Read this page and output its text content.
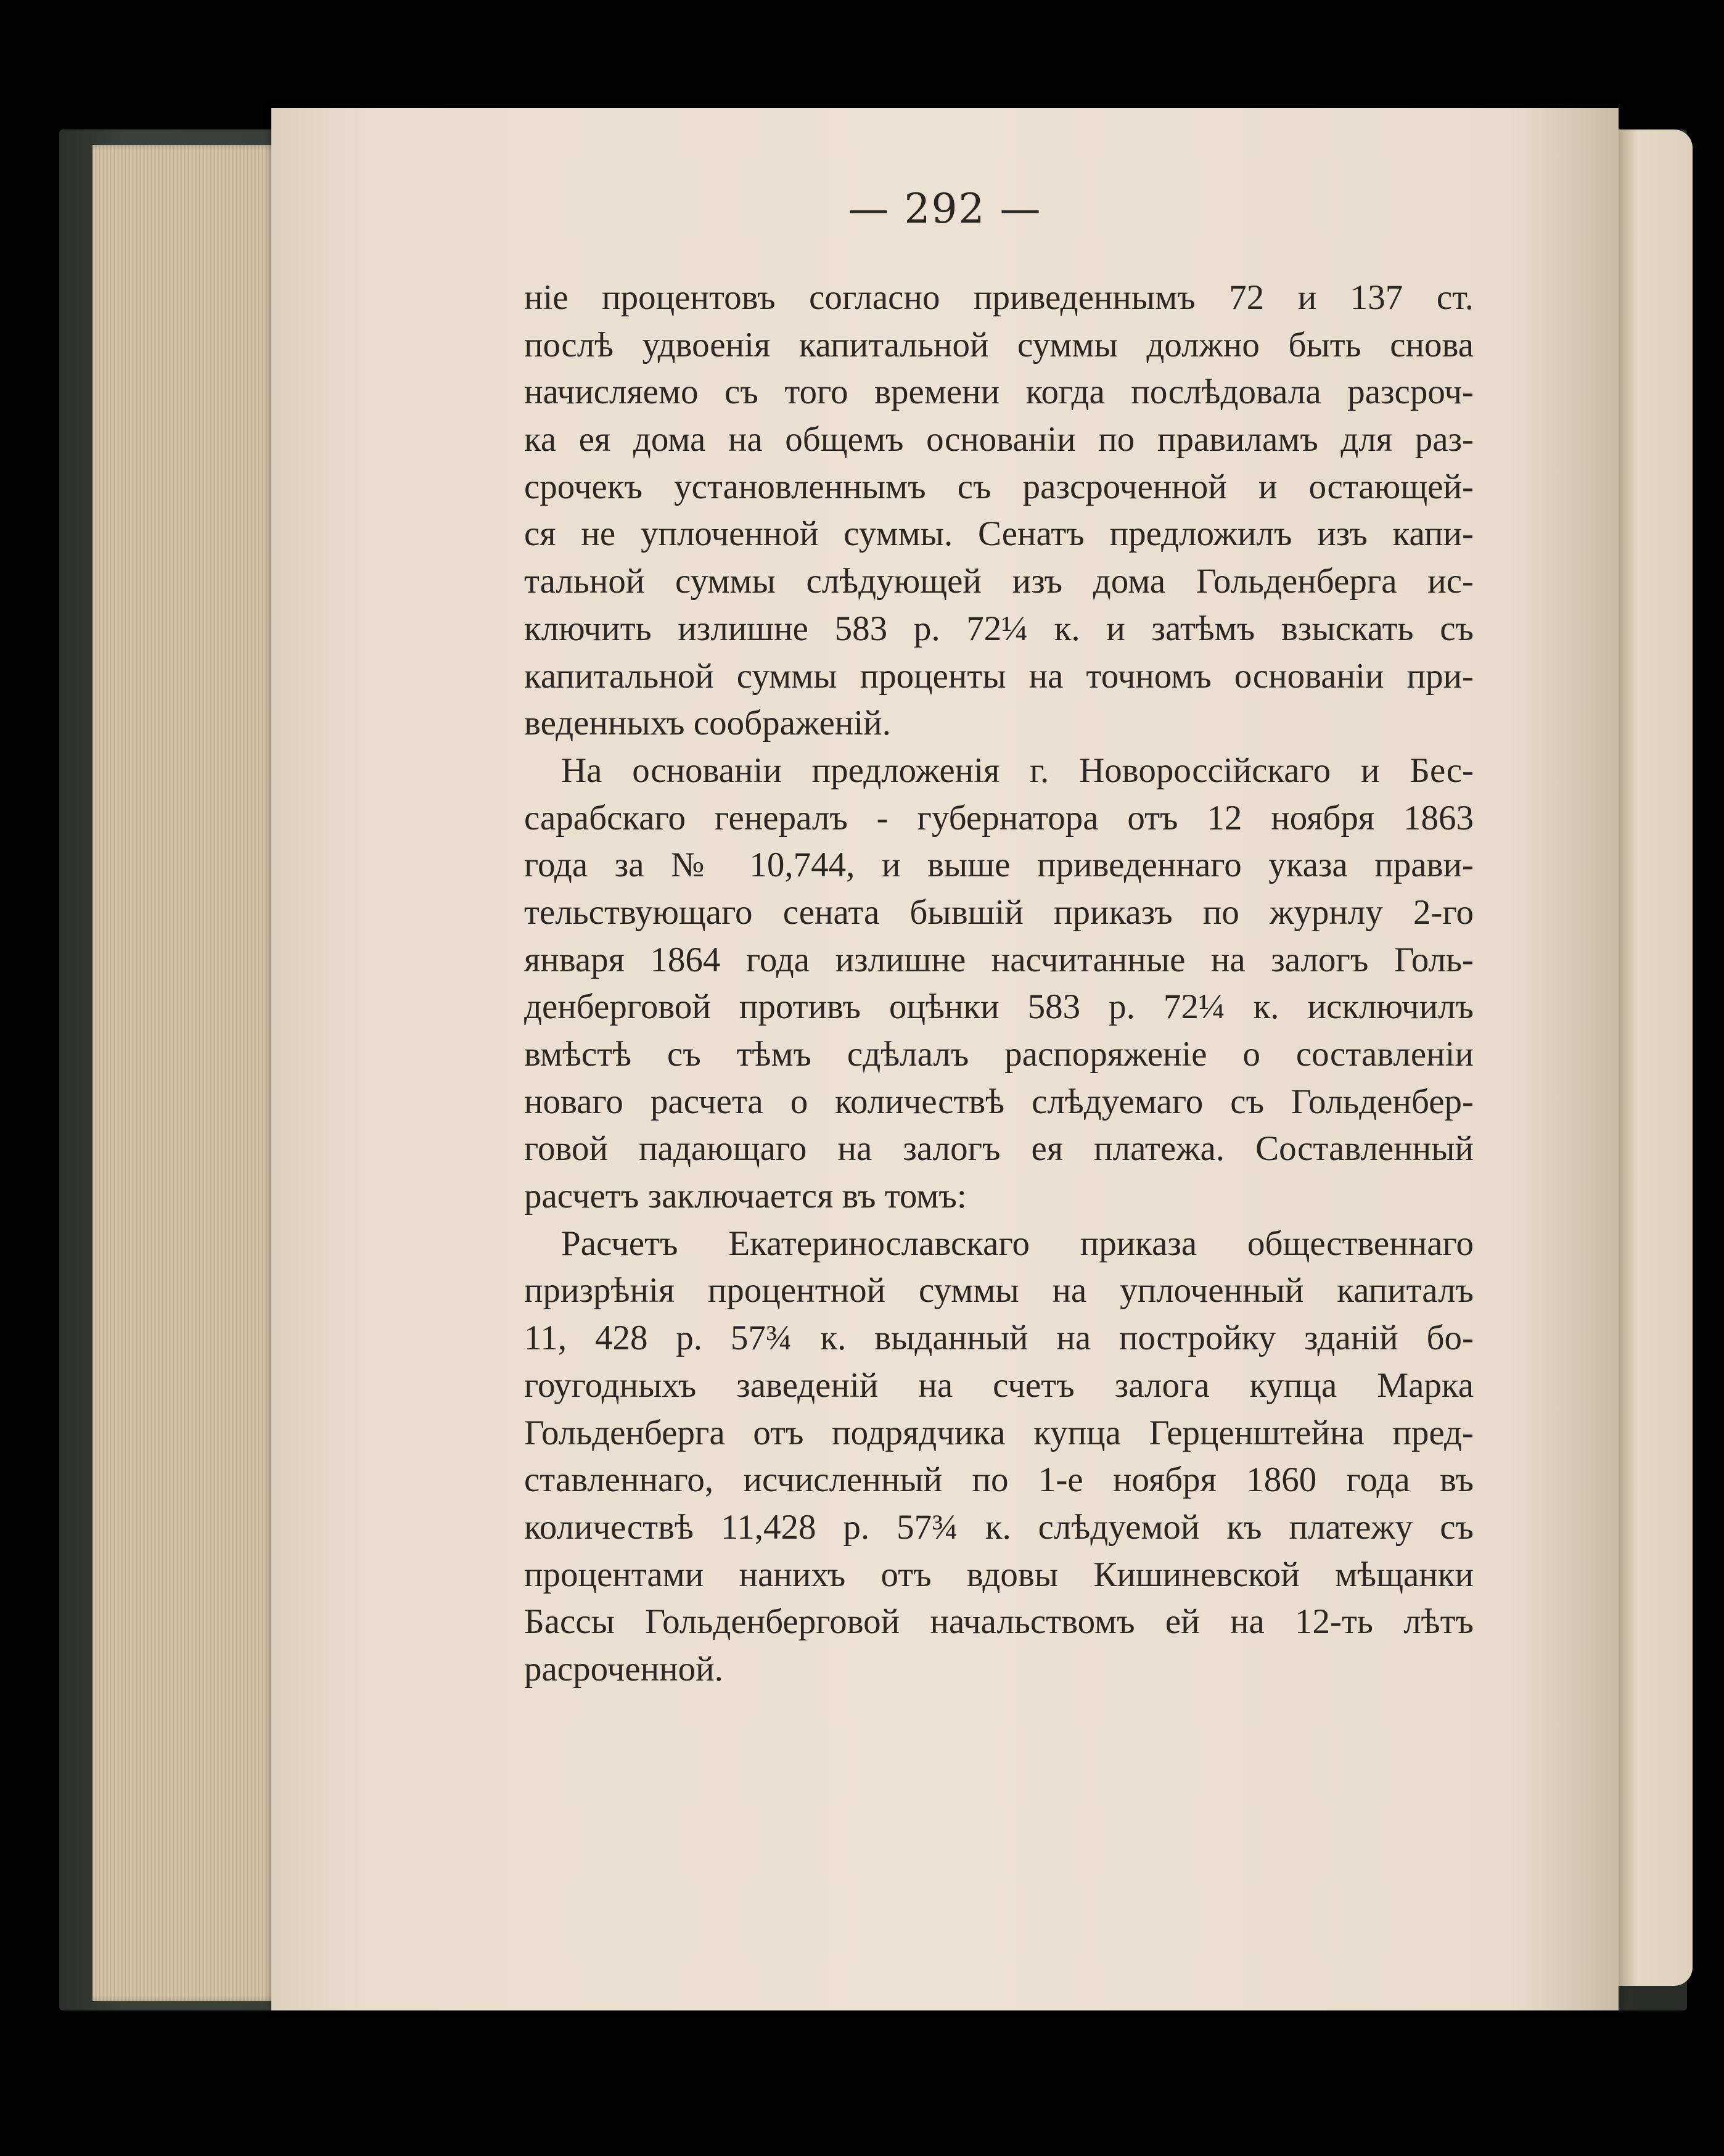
— 292 —
ніе процентовъ согласно приведеннымъ 72 и 137 ст.
послѣ удвоенія капитальной суммы должно быть снова
начисляемо съ того времени когда послѣдовала разсроч-
ка ея дома на общемъ основаніи по правиламъ для раз-
срочекъ установленнымъ съ разсроченной и остающей-
ся не уплоченной суммы. Сенатъ предложилъ изъ капи-
тальной суммы слѣдующей изъ дома Гольденберга ис-
ключить излишне 583 р. 72¼ к. и затѣмъ взыскать съ
капитальной суммы проценты на точномъ основаніи при-
веденныхъ соображеній.
На основаніи предложенія г. Новороссійскаго и Бес-
сарабскаго генералъ - губернатора отъ 12 ноября 1863
года за № 10,744, и выше приведеннаго указа прави-
тельствующаго сената бывшій приказъ по журнлу 2-го
января 1864 года излишне насчитанные на залогъ Голь-
денберговой противъ оцѣнки 583 р. 72¼ к. исключилъ
вмѣстѣ съ тѣмъ сдѣлалъ распоряженіе о составленіи
новаго расчета о количествѣ слѣдуемаго съ Гольденбер-
говой падающаго на залогъ ея платежа. Составленный
расчетъ заключается въ томъ:
Расчетъ Екатеринославскаго приказа общественнаго
призрѣнія процентной суммы на уплоченный капиталъ
11, 428 р. 57¾ к. выданный на постройку зданій бо-
гоугодныхъ заведеній на счетъ залога купца Марка
Гольденберга отъ подрядчика купца Герценштейна пред-
ставленнаго, исчисленный по 1-е ноября 1860 года въ
количествѣ 11,428 р. 57¾ к. слѣдуемой къ платежу съ
процентами нанихъ отъ вдовы Кишиневской мѣщанки
Бассы Гольденберговой начальствомъ ей на 12-ть лѣтъ
расроченной.
